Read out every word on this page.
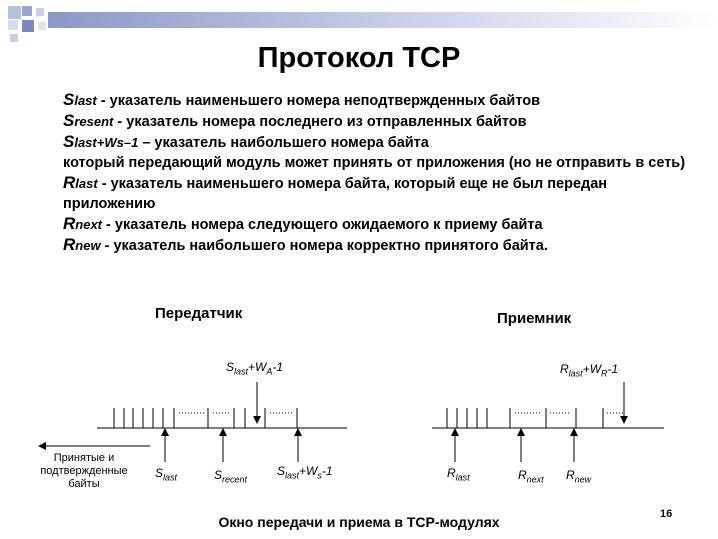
Протокол TCP
Slast - указатель наименьшего номера неподтвержденных байтов
Sresent - указатель номера последнего из отправленных байтов
Slast+Ws–1 – указатель наибольшего номера байта
который передающий модуль может принять от приложения (но не отправить в сеть)
Rlast - указатель наименьшего номера байта, который еще не был передан приложению
Rnext - указатель номера следующего ожидаемого к приему байта
Rnew - указатель наибольшего номера корректно принятого байта.
Передатчик	Приемник
$S_{last}+W_A-1$
Принятые и подтвержденные байты
$S_{last}$	$S_{recent}$
$S_{last}+W_s-1$
$R_{last}+W_R-1$
$R_{last}$	$R_{next}$ $R_{new}$
Окно передачи и приема в TCP-модулях	16
